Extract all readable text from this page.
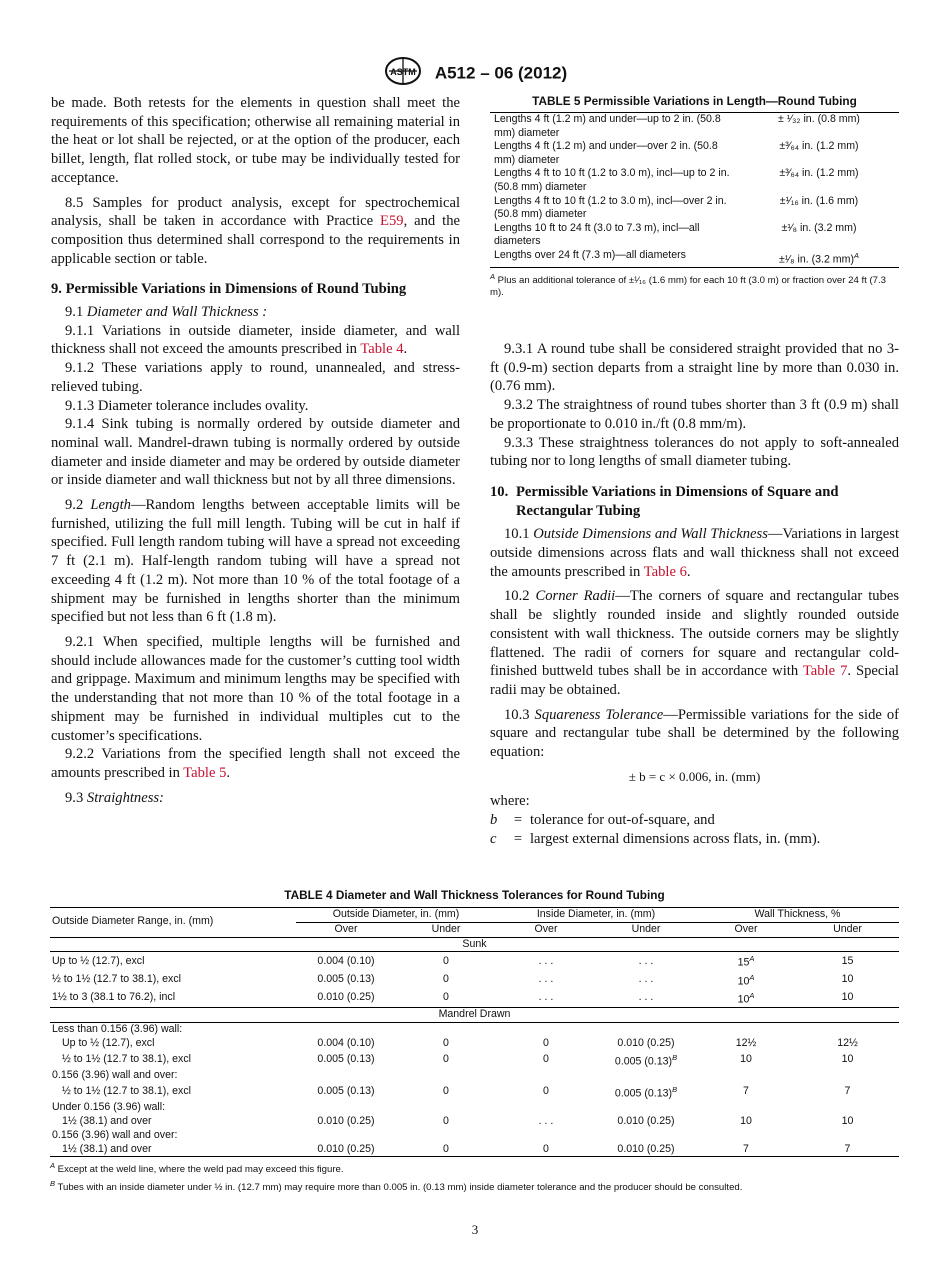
ASTM A512 – 06 (2012)

be made. Both retests for the elements in question shall meet the requirements of this specification; otherwise all remaining material in the heat or lot shall be rejected, or at the option of the producer, each billet, length, flat rolled stock, or tube may be individually tested for acceptance.

8.5 Samples for product analysis, except for spectrochemical analysis, shall be taken in accordance with Practice E59, and the composition thus determined shall correspond to the requirements in applicable section or table.

9. Permissible Variations in Dimensions of Round Tubing

9.1 Diameter and Wall Thickness :

9.1.1 Variations in outside diameter, inside diameter, and wall thickness shall not exceed the amounts prescribed in Table 4.

9.1.2 These variations apply to round, unannealed, and stress-relieved tubing.

9.1.3 Diameter tolerance includes ovality.

9.1.4 Sink tubing is normally ordered by outside diameter and nominal wall. Mandrel-drawn tubing is normally ordered by outside diameter and inside diameter and may be ordered by outside diameter or inside diameter and wall thickness but not by all three dimensions.

9.2 Length—Random lengths between acceptable limits will be furnished, utilizing the full mill length. Tubing will be cut in half if specified. Full length random tubing will have a spread not exceeding 7 ft (2.1 m). Half-length random tubing will have a spread not exceeding 4 ft (1.2 m). Not more than 10 % of the total footage of a shipment may be furnished in lengths shorter than the minimum specified but not less than 6 ft (1.8 m).

9.2.1 When specified, multiple lengths will be furnished and should include allowances made for the customer’s cutting tool width and grippage. Maximum and minimum lengths may be specified with the understanding that not more than 10 % of the total footage in a shipment may be furnished in individual multiples cut to the customer’s specifications.

9.2.2 Variations from the specified length shall not exceed the amounts prescribed in Table 5.

9.3 Straightness:

TABLE 5 Permissible Variations in Length—Round Tubing
Lengths 4 ft (1.2 m) and under—up to 2 in. (50.8 mm) diameter	± ¹⁄₃₂ in. (0.8 mm)
Lengths 4 ft (1.2 m) and under—over 2 in. (50.8 mm) diameter	±³⁄₆₄ in. (1.2 mm)
Lengths 4 ft to 10 ft (1.2 to 3.0 m), incl—up to 2 in. (50.8 mm) diameter	±³⁄₆₄ in. (1.2 mm)
Lengths 4 ft to 10 ft (1.2 to 3.0 m), incl—over 2 in. (50.8 mm) diameter	±¹⁄₁₆ in. (1.6 mm)
Lengths 10 ft to 24 ft (3.0 to 7.3 m), incl—all diameters	±¹⁄₈ in. (3.2 mm)
Lengths over 24 ft (7.3 m)—all diameters	±¹⁄₈ in. (3.2 mm)$^A$
$^A$ Plus an additional tolerance of ±¹⁄₁₆ (1.6 mm) for each 10 ft (3.0 m) or fraction over 24 ft (7.3 m).

9.3.1 A round tube shall be considered straight provided that no 3-ft (0.9-m) section departs from a straight line by more than 0.030 in. (0.76 mm).

9.3.2 The straightness of round tubes shorter than 3 ft (0.9 m) shall be proportionate to 0.010 in./ft (0.8 mm/m).

9.3.3 These straightness tolerances do not apply to soft-annealed tubing nor to long lengths of small diameter tubing.

10. Permissible Variations in Dimensions of Square and Rectangular Tubing

10.1 Outside Dimensions and Wall Thickness—Variations in largest outside dimensions across flats and wall thickness shall not exceed the amounts prescribed in Table 6.

10.2 Corner Radii—The corners of square and rectangular tubes shall be slightly rounded inside and slightly rounded outside consistent with wall thickness. The outside corners may be slightly flattened. The radii of corners for square and rectangular cold-finished buttweld tubes shall be in accordance with Table 7. Special radii may be obtained.

10.3 Squareness Tolerance—Permissible variations for the side of square and rectangular tube shall be determined by the following equation:

± b = c × 0.006, in. (mm)

where:

b	= tolerance for out-of-square, and

c	= largest external dimensions across flats, in. (mm).

TABLE 4 Diameter and Wall Thickness Tolerances for Round Tubing
Outside Diameter Range, in. (mm)	Outside Diameter, in. (mm)		Inside Diameter, in. (mm)		Wall Thickness, %	
	Over	Under	Over	Under	Over	Under
Sunk						
Up to ½ (12.7), excl	0.004 (0.10)	0	. . .	. . .	$15^A$	15
½ to 1½ (12.7 to 38.1), excl	0.005 (0.13)	0	. . .	. . .	$10^A$	10
1½ to 3 (38.1 to 76.2), incl	0.010 (0.25)	0	. . .	. . .	$10^A$	10
Mandrel Drawn						
Less than 0.156 (3.96) wall:						
Up to ½ (12.7), excl	0.004 (0.10)	0	0	0.010 (0.25)	12½	12½
½ to 1½ (12.7 to 38.1), excl	0.005 (0.13)	0	0	0.005 $(0.13)^B$	10	10
0.156 (3.96) wall and over:						
½ to 1½ (12.7 to 38.1), excl	0.005 (0.13)	0	0	0.005 $(0.13)^B$	7	7
Under 0.156 (3.96) wall:						
1½ (38.1) and over	0.010 (0.25)	0	. . .	0.010 (0.25)	10	10
0.156 (3.96) wall and over:						
1½ (38.1) and over	0.010 (0.25)	0	0	0.010 (0.25)	7	7
$^A$ Except at the weld line, where the weld pad may exceed this figure.
$^B$ Tubes with an inside diameter under ½ in. (12.7 mm) may require more than 0.005 in. (0.13 mm) inside diameter tolerance and the producer should be consulted.
3
